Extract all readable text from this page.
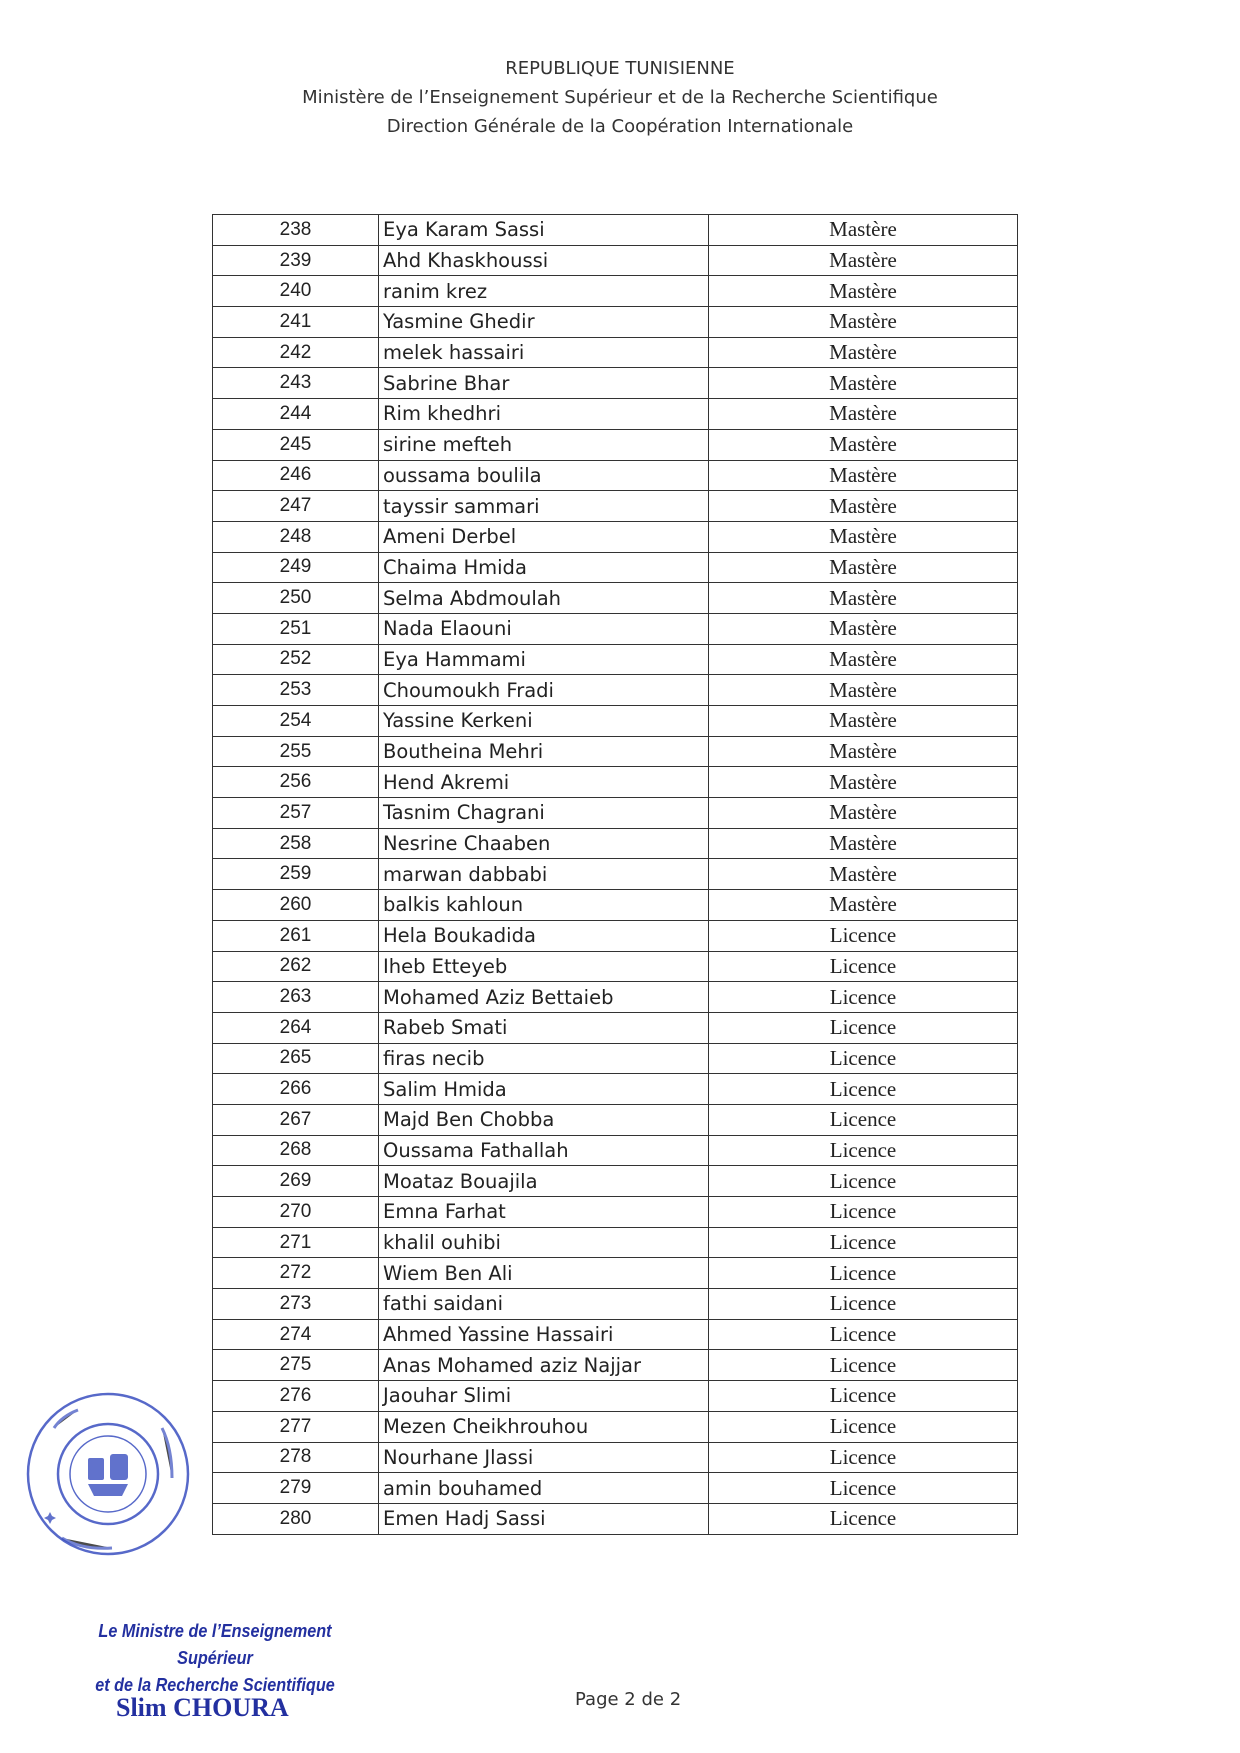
REPUBLIQUE TUNISIENNE
Ministère de l’Enseignement Supérieur et de la Recherche Scientifique
Direction Générale de la Coopération Internationale
238	Eya Karam Sassi	Mastère
239	Ahd Khaskhoussi	Mastère
240	ranim krez	Mastère
241	Yasmine Ghedir	Mastère
242	melek hassairi	Mastère
243	Sabrine Bhar	Mastère
244	Rim khedhri	Mastère
245	sirine mefteh	Mastère
246	oussama boulila	Mastère
247	tayssir sammari	Mastère
248	Ameni Derbel	Mastère
249	Chaima Hmida	Mastère
250	Selma Abdmoulah	Mastère
251	Nada Elaouni	Mastère
252	Eya Hammami	Mastère
253	Choumoukh Fradi	Mastère
254	Yassine Kerkeni	Mastère
255	Boutheina Mehri	Mastère
256	Hend Akremi	Mastère
257	Tasnim Chagrani	Mastère
258	Nesrine Chaaben	Mastère
259	marwan dabbabi	Mastère
260	balkis kahloun	Mastère
261	Hela Boukadida	Licence
262	Iheb Etteyeb	Licence
263	Mohamed Aziz Bettaieb	Licence
264	Rabeb Smati	Licence
265	firas necib	Licence
266	Salim Hmida	Licence
267	Majd Ben Chobba	Licence
268	Oussama Fathallah	Licence
269	Moataz Bouajila	Licence
270	Emna Farhat	Licence
271	khalil ouhibi	Licence
272	Wiem Ben Ali	Licence
273	fathi saidani	Licence
274	Ahmed Yassine Hassairi	Licence
275	Anas Mohamed aziz Najjar	Licence
276	Jaouhar Slimi	Licence
277	Mezen Cheikhrouhou	Licence
278	Nourhane Jlassi	Licence
279	amin bouhamed	Licence
280	Emen Hadj Sassi	Licence
Le Ministre de l’Enseignement Supérieur
et de la Recherche Scientifique
Slim CHOURA	Page 2 de 2
